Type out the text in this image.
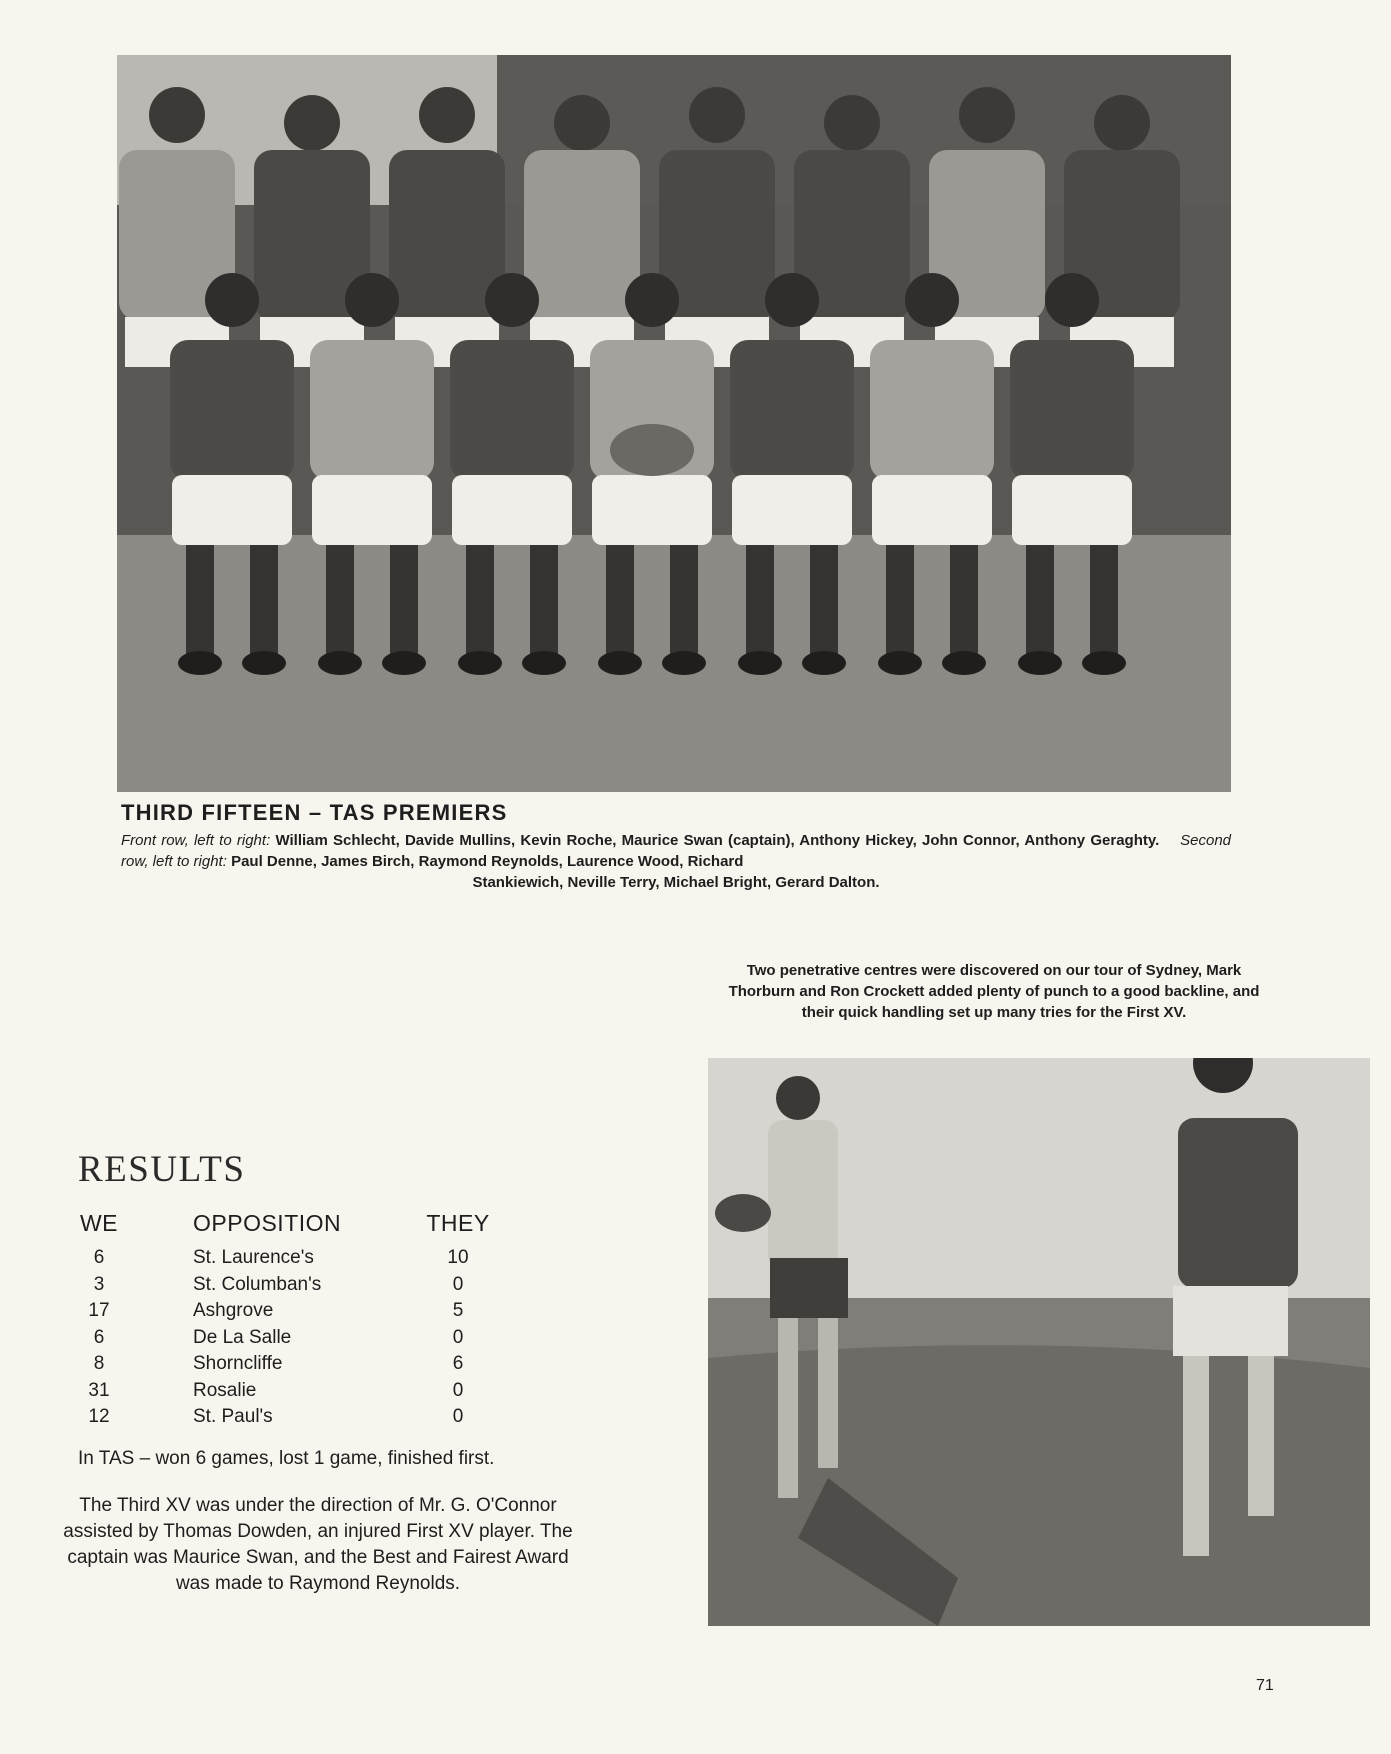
THIRD FIFTEEN – TAS PREMIERS
Front row, left to right: William Schlecht, Davide Mullins, Kevin Roche, Maurice Swan (captain), Anthony Hickey, John Connor, Anthony Geraghty. Second row, left to right: Paul Denne, James Birch, Raymond Reynolds, Laurence Wood, Richard
Stankiewich, Neville Terry, Michael Bright, Gerard Dalton.
Two penetrative centres were discovered on our tour of Sydney, Mark Thorburn and Ron Crockett added plenty of punch to a good backline, and their quick handling set up many tries for the First XV.
RESULTS
WE	OPPOSITION	THEY
6	St. Laurence's	10
3	St. Columban's	0
17	Ashgrove	5
6	De La Salle	0
8	Shorncliffe	6
31	Rosalie	0
12	St. Paul's	0

In TAS – won 6 games, lost 1 game, finished first.

The Third XV was under the direction of Mr. G. O'Connor assisted by Thomas Dowden, an injured First XV player. The captain was Maurice Swan, and the Best and Fairest Award was made to Raymond Reynolds.

71
